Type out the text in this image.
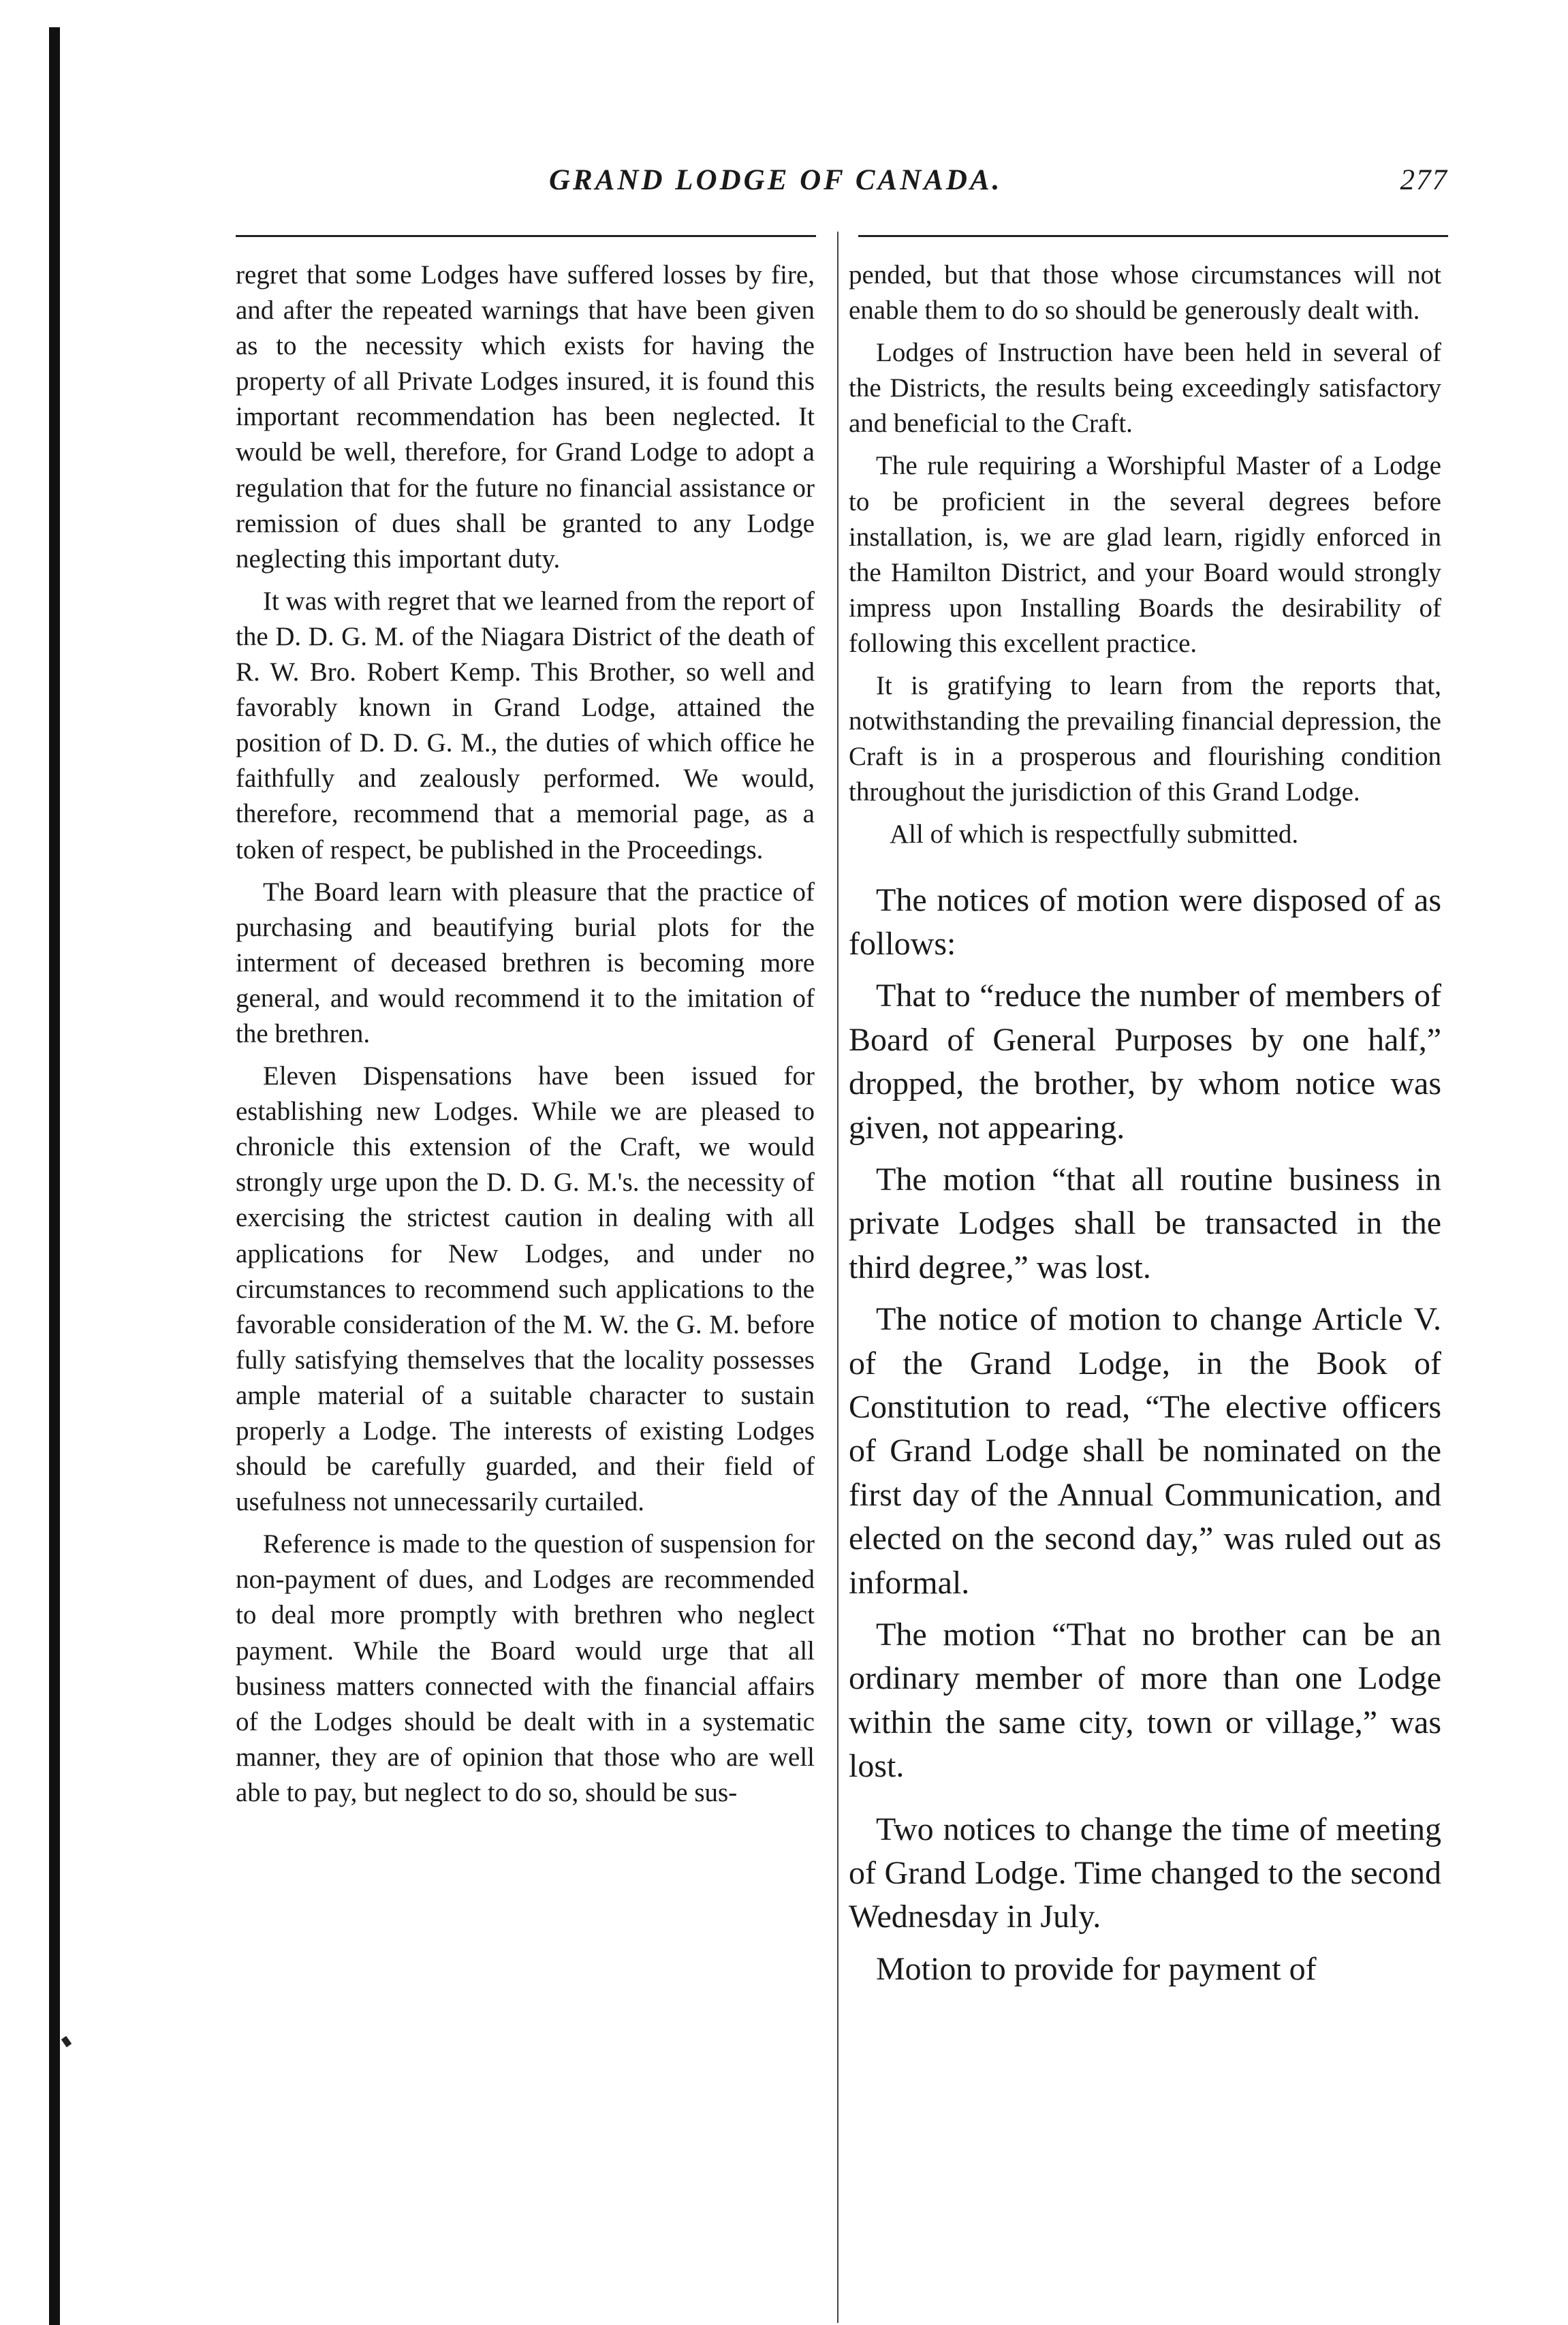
GRAND LODGE OF CANADA.	277

regret that some Lodges have suffered losses by fire, and after the repeated warnings that have been given as to the necessity which exists for having the property of all Private Lodges insured, it is found this important recommendation has been neglected. It would be well, therefore, for Grand Lodge to adopt a regulation that for the future no financial assistance or remission of dues shall be granted to any Lodge neglecting this important duty.

It was with regret that we learned from the report of the D. D. G. M. of the Niagara District of the death of R. W. Bro. Robert Kemp. This Brother, so well and favorably known in Grand Lodge, attained the position of D. D. G. M., the duties of which office he faithfully and zealously performed. We would, therefore, recommend that a memorial page, as a token of respect, be published in the Proceedings.

The Board learn with pleasure that the practice of purchasing and beautifying burial plots for the interment of deceased brethren is becoming more general, and would recommend it to the imitation of the brethren.

Eleven Dispensations have been issued for establishing new Lodges. While we are pleased to chronicle this extension of the Craft, we would strongly urge upon the D. D. G. M.'s. the necessity of exercising the strictest caution in dealing with all applications for New Lodges, and under no circumstances to recommend such applications to the favorable consideration of the M. W. the G. M. before fully satisfying themselves that the locality possesses ample material of a suitable character to sustain properly a Lodge. The interests of existing Lodges should be carefully guarded, and their field of usefulness not unnecessarily curtailed.

Reference is made to the question of suspension for non-payment of dues, and Lodges are recommended to deal more promptly with brethren who neglect payment. While the Board would urge that all business matters connected with the financial affairs of the Lodges should be dealt with in a systematic manner, they are of opinion that those who are well able to pay, but neglect to do so, should be sus-

pended, but that those whose circumstances will not enable them to do so should be generously dealt with.

Lodges of Instruction have been held in several of the Districts, the results being exceedingly satisfactory and beneficial to the Craft.

The rule requiring a Worshipful Master of a Lodge to be proficient in the several degrees before installation, is, we are glad learn, rigidly enforced in the Hamilton District, and your Board would strongly impress upon Installing Boards the desirability of following this excellent practice.

It is gratifying to learn from the reports that, notwithstanding the prevailing financial depression, the Craft is in a prosperous and flourishing condition throughout the jurisdiction of this Grand Lodge.

All of which is respectfully submitted.

The notices of motion were disposed of as follows:

That to “reduce the number of members of Board of General Purposes by one half,” dropped, the brother, by whom notice was given, not appearing.

The motion “that all routine business in private Lodges shall be transacted in the third degree,” was lost.

The notice of motion to change Article V. of the Grand Lodge, in the Book of Constitution to read, “The elective officers of Grand Lodge shall be nominated on the first day of the Annual Communication, and elected on the second day,” was ruled out as informal.

The motion “That no brother can be an ordinary member of more than one Lodge within the same city, town or village,” was lost.

Two notices to change the time of meeting of Grand Lodge. Time changed to the second Wednesday in July.

Motion to provide for payment of
